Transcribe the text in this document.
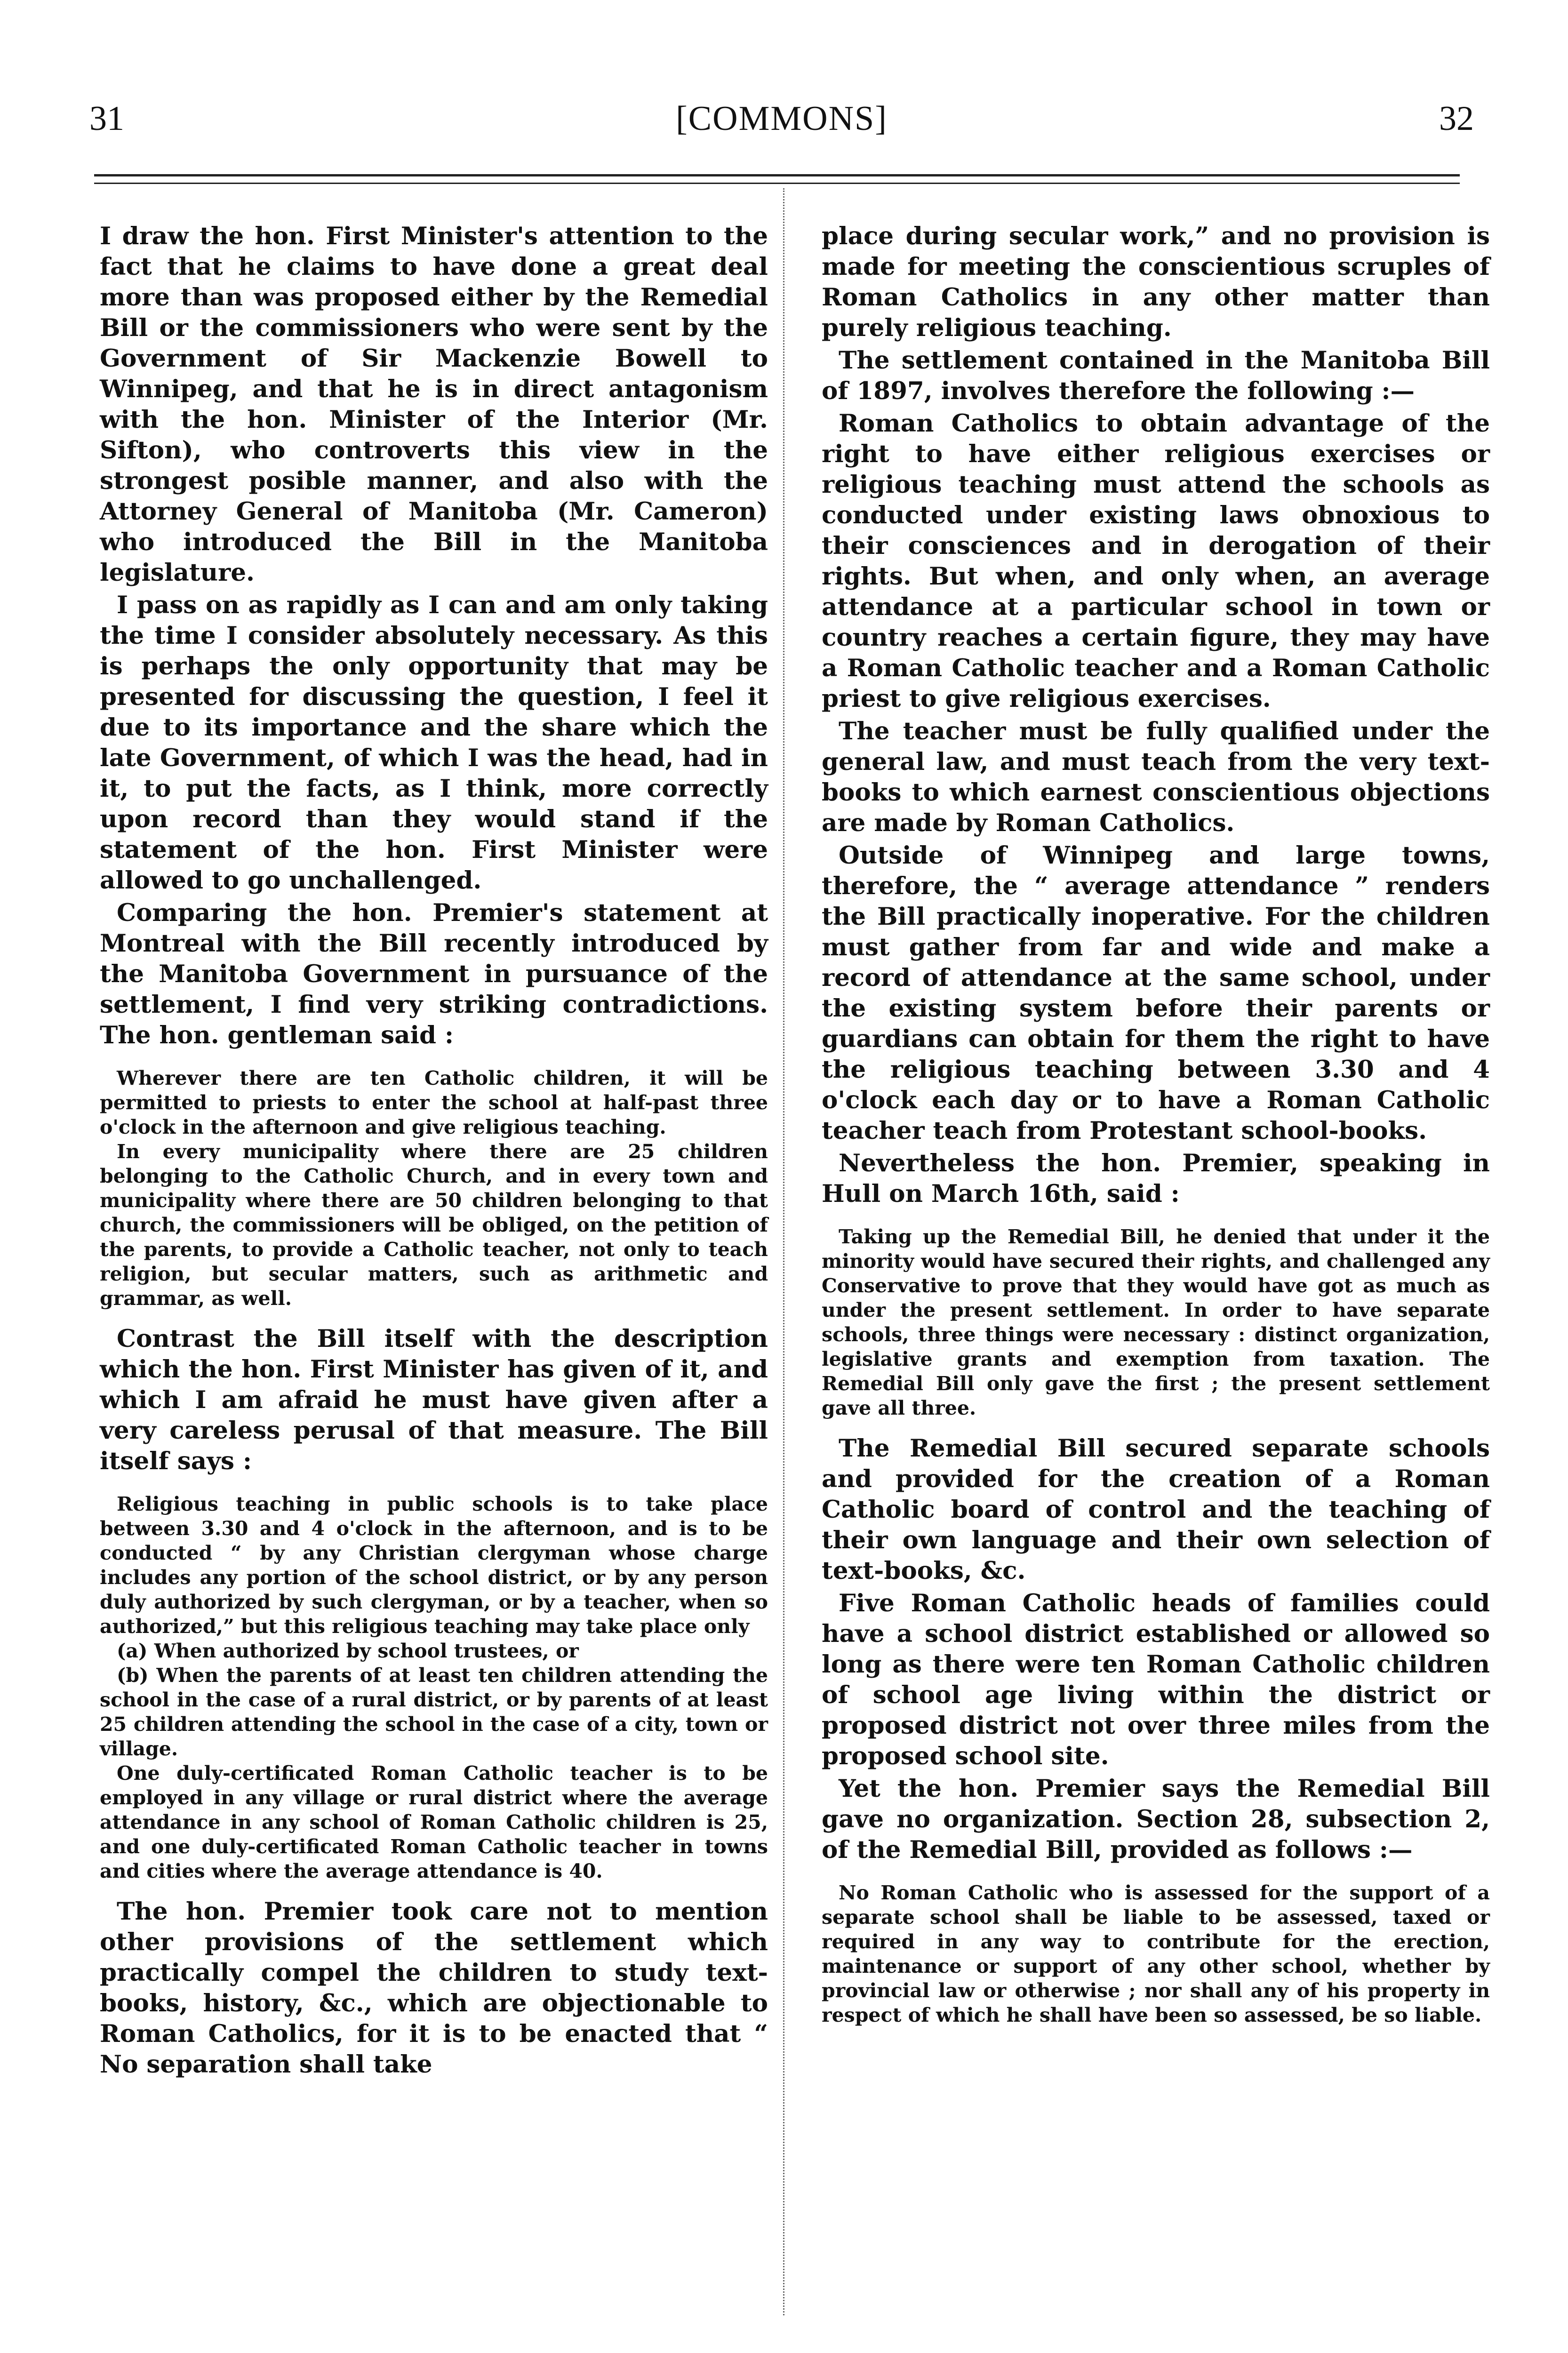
31	[COMMONS]	32
I draw the hon. First Minister's attention to the fact that he claims to have done a great deal more than was proposed either by the Remedial Bill or the commissioners who were sent by the Government of Sir Mackenzie Bowell to Winnipeg, and that he is in direct antagonism with the hon. Minister of the Interior (Mr. Sifton), who controverts this view in the strongest posible manner, and also with the Attorney General of Manitoba (Mr. Cameron) who introduced the Bill in the Manitoba legislature.
I pass on as rapidly as I can and am only taking the time I consider absolutely necessary. As this is perhaps the only opportunity that may be presented for discussing the question, I feel it due to its importance and the share which the late Government, of which I was the head, had in it, to put the facts, as I think, more correctly upon record than they would stand if the statement of the hon. First Minister were allowed to go unchallenged.
Comparing the hon. Premier's statement at Montreal with the Bill recently introduced by the Manitoba Government in pursuance of the settlement, I find very striking contradictions. The hon. gentleman said :
Wherever there are ten Catholic children, it will be permitted to priests to enter the school at half-past three o'clock in the afternoon and give religious teaching.
In every municipality where there are 25 children belonging to the Catholic Church, and in every town and municipality where there are 50 children belonging to that church, the commissioners will be obliged, on the petition of the parents, to provide a Catholic teacher, not only to teach religion, but secular matters, such as arithmetic and grammar, as well.
Contrast the Bill itself with the description which the hon. First Minister has given of it, and which I am afraid he must have given after a very careless perusal of that measure. The Bill itself says :
Religious teaching in public schools is to take place between 3.30 and 4 o'clock in the afternoon, and is to be conducted “ by any Christian clergyman whose charge includes any portion of the school district, or by any person duly authorized by such clergyman, or by a teacher, when so authorized,” but this religious teaching may take place only
(a) When authorized by school trustees, or
(b) When the parents of at least ten children attending the school in the case of a rural district, or by parents of at least 25 children attending the school in the case of a city, town or village.
One duly-certificated Roman Catholic teacher is to be employed in any village or rural district where the average attendance in any school of Roman Catholic children is 25, and one duly-certificated Roman Catholic teacher in towns and cities where the average attendance is 40.
The hon. Premier took care not to mention other provisions of the settlement which practically compel the children to study text-books, history, &c., which are objectionable to Roman Catholics, for it is to be enacted that “ No separation shall take
place during secular work,” and no provision is made for meeting the conscientious scruples of Roman Catholics in any other matter than purely religious teaching.
The settlement contained in the Manitoba Bill of 1897, involves therefore the following :—
Roman Catholics to obtain advantage of the right to have either religious exercises or religious teaching must attend the schools as conducted under existing laws obnoxious to their consciences and in derogation of their rights. But when, and only when, an average attendance at a particular school in town or country reaches a certain figure, they may have a Roman Catholic teacher and a Roman Catholic priest to give religious exercises.
The teacher must be fully qualified under the general law, and must teach from the very text-books to which earnest conscientious objections are made by Roman Catholics.
Outside of Winnipeg and large towns, therefore, the “ average attendance ” renders the Bill practically inoperative. For the children must gather from far and wide and make a record of attendance at the same school, under the existing system before their parents or guardians can obtain for them the right to have the religious teaching between 3.30 and 4 o'clock each day or to have a Roman Catholic teacher teach from Protestant school-books.
Nevertheless the hon. Premier, speaking in Hull on March 16th, said :
Taking up the Remedial Bill, he denied that under it the minority would have secured their rights, and challenged any Conservative to prove that they would have got as much as under the present settlement. In order to have separate schools, three things were necessary : distinct organization, legislative grants and exemption from taxation. The Remedial Bill only gave the first ; the present settlement gave all three.
The Remedial Bill secured separate schools and provided for the creation of a Roman Catholic board of control and the teaching of their own language and their own selection of text-books, &c.
Five Roman Catholic heads of families could have a school district established or allowed so long as there were ten Roman Catholic children of school age living within the district or proposed district not over three miles from the proposed school site.
Yet the hon. Premier says the Remedial Bill gave no organization. Section 28, subsection 2, of the Remedial Bill, provided as follows :—
No Roman Catholic who is assessed for the support of a separate school shall be liable to be assessed, taxed or required in any way to contribute for the erection, maintenance or support of any other school, whether by provincial law or otherwise ; nor shall any of his property in respect of which he shall have been so assessed, be so liable.
